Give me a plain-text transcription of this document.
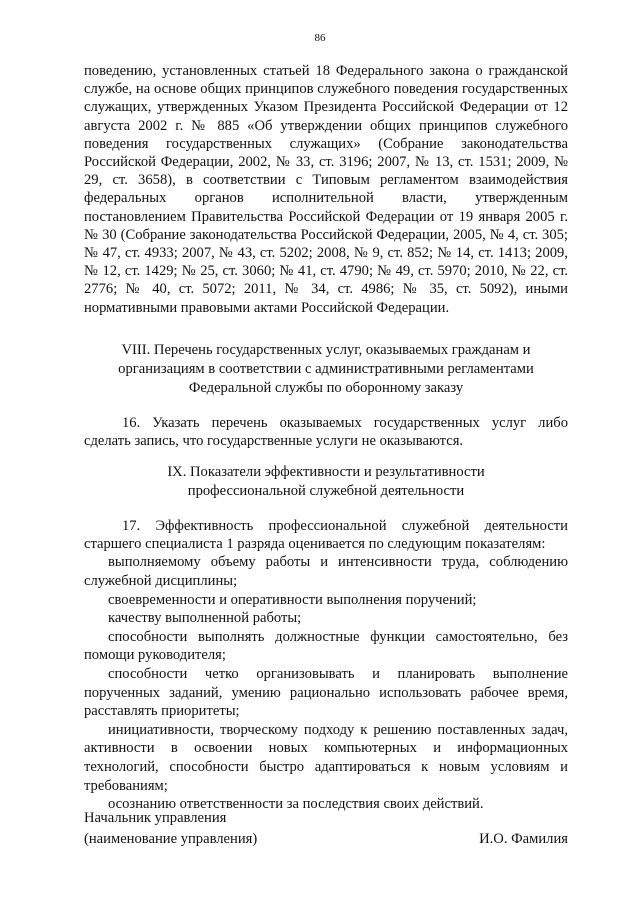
86

поведению, установленных статьей 18 Федерального закона о гражданской службе, на основе общих принципов служебного поведения государственных служащих, утвержденных Указом Президента Российской Федерации от 12 августа 2002 г. № 885 «Об утверждении общих принципов служебного поведения государственных служащих» (Собрание законодательства Российской Федерации, 2002, № 33, ст. 3196; 2007, № 13, ст. 1531; 2009, № 29, ст. 3658), в соответствии с Типовым регламентом взаимодействия федеральных органов исполнительной власти, утвержденным постановлением Правительства Российской Федерации от 19 января 2005 г. № 30 (Собрание законодательства Российской Федерации, 2005, № 4, ст. 305; № 47, ст. 4933; 2007, № 43, ст. 5202; 2008, № 9, ст. 852; № 14, ст. 1413; 2009, № 12, ст. 1429; № 25, ст. 3060; № 41, ст. 4790; № 49, ст. 5970; 2010, № 22, ст. 2776; № 40, ст. 5072; 2011, № 34, ст. 4986; № 35, ст. 5092), иными нормативными правовыми актами Российской Федерации.

VIII. Перечень государственных услуг, оказываемых гражданам и

организациям в соответствии с административными регламентами

Федеральной службы по оборонному заказу

16. Указать перечень оказываемых государственных услуг либо сделать запись, что государственные услуги не оказываются.

IX. Показатели эффективности и результативности

профессиональной служебной деятельности

17. Эффективность профессиональной служебной деятельности старшего специалиста 1 разряда оценивается по следующим показателям:

выполняемому объему работы и интенсивности труда, соблюдению служебной дисциплины;

своевременности и оперативности выполнения поручений;

качеству выполненной работы;

способности выполнять должностные функции самостоятельно, без помощи руководителя;

способности четко организовывать и планировать выполнение порученных заданий, умению рационально использовать рабочее время, расставлять приоритеты;

инициативности, творческому подходу к решению поставленных задач, активности в освоении новых компьютерных и информационных технологий, способности быстро адаптироваться к новым условиям и требованиям;

осознанию ответственности за последствия своих действий.

Начальник управления
(наименование управления)	И.О. Фамилия
